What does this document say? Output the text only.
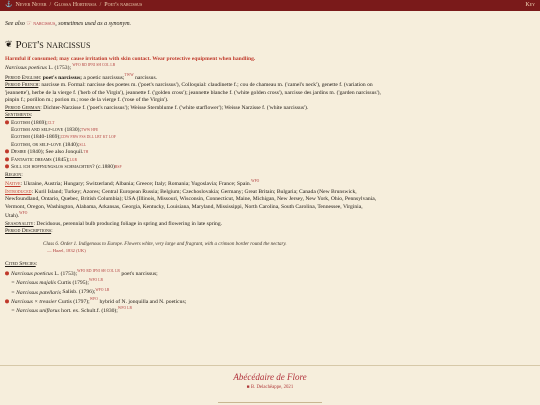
⚓ Never Never / Glossa Hortensia / Poet's narcissus	Key
See also ☞ narcissus, sometimes used as a synonym.
❦ Poet's narcissus
Harmful if consumed; may cause irritation with skin contact. Wear protective equipment when handling.
Narcissus poeticus L. (1753); $^{WFO RD IPNI SH COL LB}$
Period English: poet's narcissus; a poetic narcissus;$^{TWW}$ narcissus.
Period French: narcisse m. Formal: narcisse des poetes m. ('poet's narcissus'), Colloquial: claudinette f.; cou de chameau m. ('camel's neck'), genette f. (variation on 'jeannette'), herbe de la vierge f. ('herb of the Virgin'), jeannette f. ('golden cross'); jeannette blanche f. ('white golden cross'), narcisse des jardins m. ('garden narcissus'), pinpin f.; porillon m.; porion m.; rose de la vierge f. ('rose of the Virgin').
Period German: Dichter-Narzisse f. ('poet's narcissus'); Weisse Sternblume f. ('white starflower'); Weisse Narzisse f. ('white narcissus').
Sentiments:
Egotism (1869); CLT
Egotism and self-love (1830); TWW HFE
Egotism (1840-1869); CDW FBW FSS DLL LBT KT LOF
Egotism, or self-love (1840); SLL
Desire (1840); See also Jonquil. TH
Fantastic dreams (1845); LGR
Soll ich hoffnungslos schmachten? (c.1880) BSP
Region:
Native: Ukraine, Austria; Hungary; Switzerland; Albania; Greece; Italy; Romania; Yugoslavia; France; Spain.$^{WFO}$
Introduced: Kuril Island; Turkey; Azores; Central European Russia; Belgium; Czechoslovakia; Germany; Great Britain; Bulgaria; Canada (New Brunswick, Newfoundland, Ontario, Quebec, British Columbia); USA (Illinois, Missouri, Wisconsin, Connecticut, Maine, Michigan, New Jersey, New York, Ohio, Pennsylvania, Vermont, Oregon, Washington, Alabama, Arkansas, Georgia, Kentucky, Louisiana, Maryland, Mississippi, North Carolina, South Carolina, Tennessee, Virginia, Utah).$^{WFO}$
Seasonality: Deciduous, perennial bulb producing foliage in spring and flowering in late spring.
Period Descriptions:
Class 6. Order 1. Indigenous to Europe. Flowers white, very large and fragrant, with a crimson border round the nectary.
— Hazel, 1832 (UK)
Cited Species:
Narcissus poeticus L. (1753);$^{WFO RD IPNI SH COL LB}$ poet's narcissus;
= Narcissus majalis Curtis (1795);$^{WFO LB}$
= Narcissus patellaris Salisb. (1796);$^{WFO LB}$
Narcissus × treasier Curtis (1797);$^{WFO}$ hybrid of N. jonquilla and N. poeticus;
= Narcissus uniflorus hort. ex. Schult.f. (1830);$^{WFO LB}$
Abécédaire de Flore
■ B. Delachêappe, 2021
